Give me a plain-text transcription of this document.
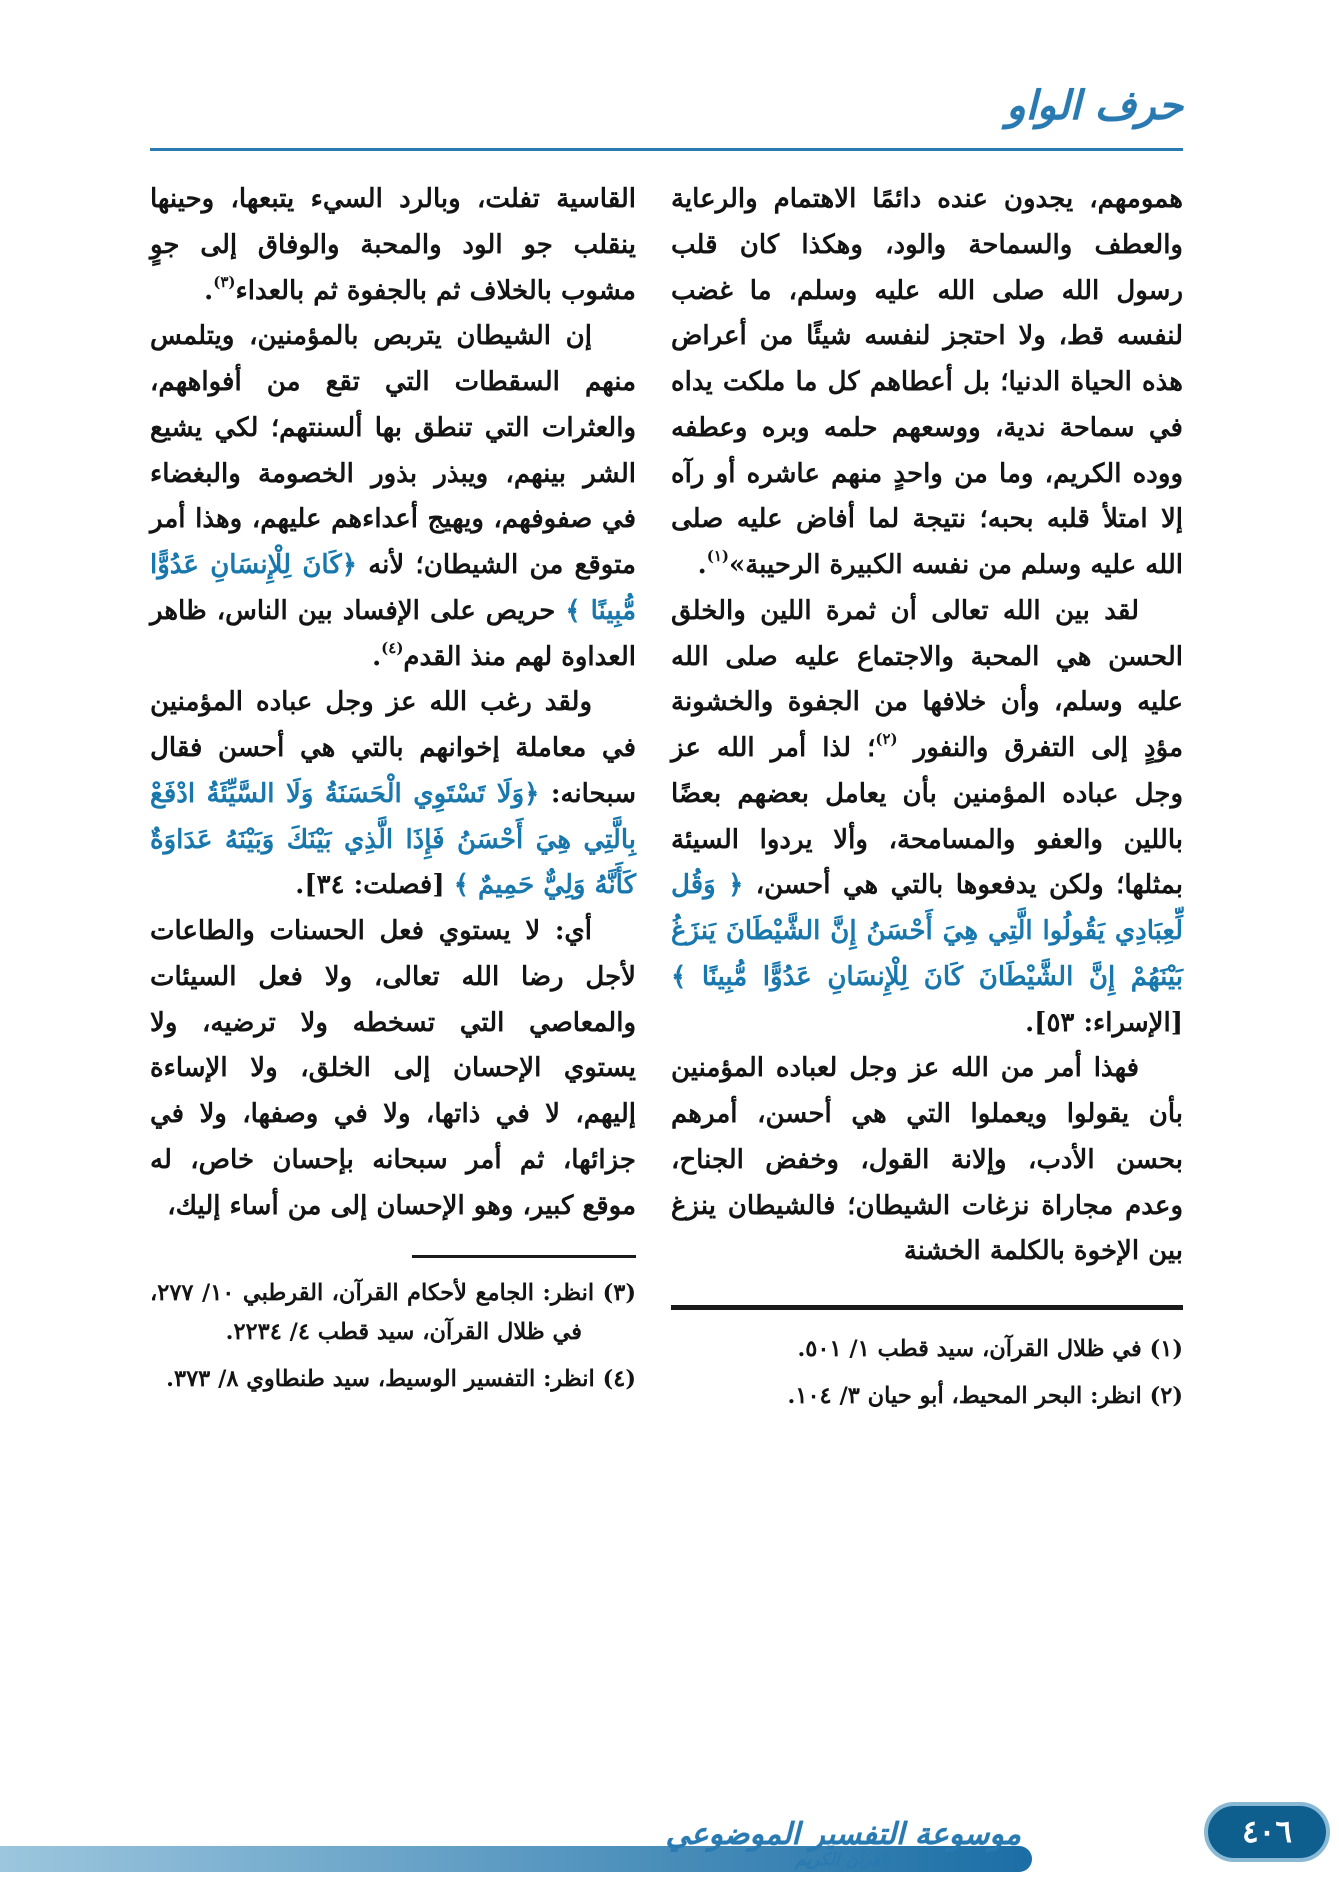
حرف الواو

همومهم، يجدون عنده دائمًا الاهتمام والرعاية والعطف والسماحة والود، وهكذا كان قلب رسول الله صلى الله عليه وسلم، ما غضب لنفسه قط، ولا احتجز لنفسه شيئًا من أعراض هذه الحياة الدنيا؛ بل أعطاهم كل ما ملكت يداه في سماحة ندية، ووسعهم حلمه وبره وعطفه ووده الكريم، وما من واحدٍ منهم عاشره أو رآه إلا امتلأ قلبه بحبه؛ نتيجة لما أفاض عليه صلى الله عليه وسلم من نفسه الكبيرة الرحيبة»$^{(١)}$.

لقد بين الله تعالى أن ثمرة اللين والخلق الحسن هي المحبة والاجتماع عليه صلى الله عليه وسلم، وأن خلافها من الجفوة والخشونة مؤدٍ إلى التفرق والنفور $^{(٢)}$؛ لذا أمر الله عز وجل عباده المؤمنين بأن يعامل بعضهم بعضًا باللين والعفو والمسامحة، وألا يردوا السيئة بمثلها؛ ولكن يدفعوها بالتي هي أحسن، ﴿ وَقُل لِّعِبَادِي يَقُولُوا الَّتِي هِيَ أَحْسَنُ إِنَّ الشَّيْطَانَ يَنزَغُ بَيْنَهُمْ إِنَّ الشَّيْطَانَ كَانَ لِلْإِنسَانِ عَدُوًّا مُّبِينًا ﴾ [الإسراء: ٥٣].

فهذا أمر من الله عز وجل لعباده المؤمنين بأن يقولوا ويعملوا التي هي أحسن، أمرهم بحسن الأدب، وإلانة القول، وخفض الجناح، وعدم مجاراة نزغات الشيطان؛ فالشيطان ينزغ بين الإخوة بالكلمة الخشنة

(١) في ظلال القرآن، سيد قطب ١/ ٥٠١.

(٢) انظر: البحر المحيط، أبو حيان ٣/ ١٠٤.

القاسية تفلت، وبالرد السيء يتبعها، وحينها ينقلب جو الود والمحبة والوفاق إلى جوٍ مشوب بالخلاف ثم بالجفوة ثم بالعداء$^{(٣)}$.

إن الشيطان يتربص بالمؤمنين، ويتلمس منهم السقطات التي تقع من أفواههم، والعثرات التي تنطق بها ألسنتهم؛ لكي يشيع الشر بينهم، ويبذر بذور الخصومة والبغضاء في صفوفهم، ويهيج أعداءهم عليهم، وهذا أمر متوقع من الشيطان؛ لأنه ﴿كَانَ لِلْإِنسَانِ عَدُوًّا مُّبِينًا ﴾ حريص على الإفساد بين الناس، ظاهر العداوة لهم منذ القدم$^{(٤)}$.

ولقد رغب الله عز وجل عباده المؤمنين في معاملة إخوانهم بالتي هي أحسن فقال سبحانه: ﴿وَلَا تَسْتَوِي الْحَسَنَةُ وَلَا السَّيِّئَةُ ادْفَعْ بِالَّتِي هِيَ أَحْسَنُ فَإِذَا الَّذِي بَيْنَكَ وَبَيْنَهُ عَدَاوَةٌ كَأَنَّهُ وَلِيٌّ حَمِيمٌ ﴾ [فصلت: ٣٤].

أي: لا يستوي فعل الحسنات والطاعات لأجل رضا الله تعالى، ولا فعل السيئات والمعاصي التي تسخطه ولا ترضيه، ولا يستوي الإحسان إلى الخلق، ولا الإساءة إليهم، لا في ذاتها، ولا في وصفها، ولا في جزائها، ثم أمر سبحانه بإحسان خاص، له موقع كبير، وهو الإحسان إلى من أساء إليك،

(٣) انظر: الجامع لأحكام القرآن، القرطبي ١٠/ ٢٧٧، في ظلال القرآن، سيد قطب ٤/ ٢٢٣٤.

(٤) انظر: التفسير الوسيط، سيد طنطاوي ٨/ ٣٧٣.

موسوعة التفسير الموضوعي
للقرآن الكريم
٤٠٦
